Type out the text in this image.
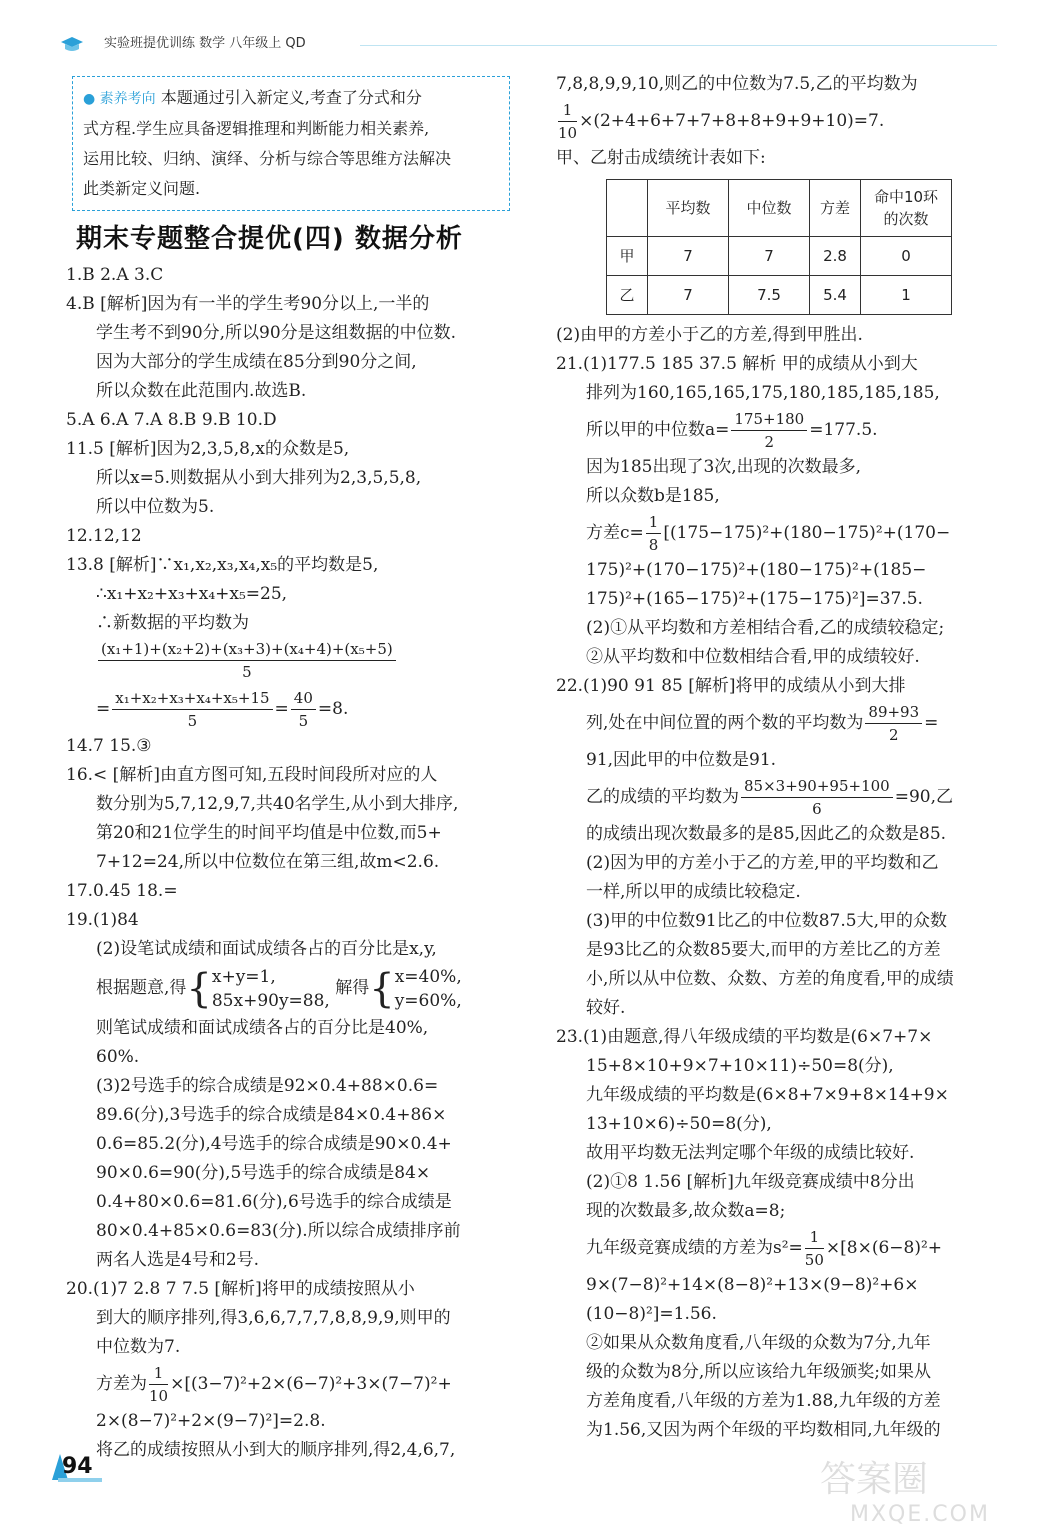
实验班提优训练 数学 八年级上 QD
● 素养考向 本题通过引入新定义,考查了分式和分
式方程.学生应具备逻辑推理和判断能力相关素养,
运用比较、归纳、演绎、分析与综合等思维方法解决
此类新定义问题.
期末专题整合提优(四) 数据分析
1.B 2.A 3.C
4.B [解析]因为有一半的学生考90分以上,一半的
学生考不到90分,所以90分是这组数据的中位数.
因为大部分的学生成绩在85分到90分之间,
所以众数在此范围内.故选B.
5.A 6.A 7.A 8.B 9.B 10.D
11.5 [解析]因为2,3,5,8,x的众数是5,
所以x=5.则数据从小到大排列为2,3,5,5,8,
所以中位数为5.
12.12,12
13.8 [解析]∵x₁,x₂,x₃,x₄,x₅的平均数是5,
∴x₁+x₂+x₃+x₄+x₅=25,
∴新数据的平均数为
$\frac{\text{(x₁+1)+(x₂+2)+(x₃+3)+(x₄+4)+(x₅+5)}}{5}$
= $\frac{\text{x₁+x₂+x₃+x₄+x₅+15}}{5} = \frac{40}{5} =8$.
14.7 15.③
16.< [解析]由直方图可知,五段时间段所对应的人
数分别为5,7,12,9,7,共40名学生,从小到大排序,
第20和21位学生的时间平均值是中位数,而5+
7+12=24,所以中位数位在第三组,故m<2.6.
17.0.45 18.=
19.(1)84
(2)设笔试成绩和面试成绩各占的百分比是x,y,
根据题意,得{ x+y=1,
85x+90y=88,
解得{ x=40%,
y=60%,
则笔试成绩和面试成绩各占的百分比是40%,
60%.
(3)2号选手的综合成绩是92×0.4+88×0.6=
89.6(分),3号选手的综合成绩是84×0.4+86×
0.6=85.2(分),4号选手的综合成绩是90×0.4+
90×0.6=90(分),5号选手的综合成绩是84×
0.4+80×0.6=81.6(分),6号选手的综合成绩是
80×0.4+85×0.6=83(分).所以综合成绩排序前
两名人选是4号和2号.
20.(1)7 2.8 7 7.5 [解析]将甲的成绩按照从小
到大的顺序排列,得3,6,6,7,7,7,8,8,9,9,则甲的
中位数为7.
方差为 $\frac{1}{10} \times[(3-7)^2+2\times(6-7)^2+3\times(7-7)^2+$
2×(8−7)²+2×(9−7)²]=2.8.
将乙的成绩按照从小到大的顺序排列,得2,4,6,7,
7,8,8,9,9,10,则乙的中位数为7.5,乙的平均数为
$\frac{1}{10} \times(2+4+6+7+7+8+8+9+9+10)=7$.
甲、乙射击成绩统计表如下:
	平均数	中位数	方差	命中10环的次数
甲	7	7	2.8	0
乙	7	7.5	5.4	1
(2)由甲的方差小于乙的方差,得到甲胜出.
21.(1)177.5 185 37.5 解析 甲的成绩从小到大
排列为160,165,165,175,180,185,185,185,
所以甲的中位数$a= \frac{175+180}{2} =177.5$.
因为185出现了3次,出现的次数最多,
所以众数b是185,
方差$c= \frac{1}{8} [(175-175)^2+(180-175)^2+(170-$
175)²+(170−175)²+(180−175)²+(185−
175)²+(165−175)²+(175−175)²]=37.5.
(2)①从平均数和方差相结合看,乙的成绩较稳定;
②从平均数和中位数相结合看,甲的成绩较好.
22.(1)90 91 85 [解析]将甲的成绩从小到大排
列,处在中间位置的两个数的平均数为 $\frac{89+93}{2}$ =
91,因此甲的中位数是91.
乙的成绩的平均数为 $\frac{85\times 3+90+95+100}{6} =90$,乙
的成绩出现次数最多的是85,因此乙的众数是85.
(2)因为甲的方差小于乙的方差,甲的平均数和乙
一样,所以甲的成绩比较稳定.
(3)甲的中位数91比乙的中位数87.5大,甲的众数
是93比乙的众数85要大,而甲的方差比乙的方差
小,所以从中位数、众数、方差的角度看,甲的成绩
较好.
23.(1)由题意,得八年级成绩的平均数是(6×7+7×
15+8×10+9×7+10×11)÷50=8(分),
九年级成绩的平均数是(6×8+7×9+8×14+9×
13+10×6)÷50=8(分),
故用平均数无法判定哪个年级的成绩比较好.
(2)①8 1.56 [解析]九年级竞赛成绩中8分出
现的次数最多,故众数a=8;
九年级竞赛成绩的方差为$s^2= \frac{1}{50} \times[8\times(6-8)^2+$
9×(7−8)²+14×(8−8)²+13×(9−8)²+6×
(10−8)²]=1.56.
②如果从众数角度看,八年级的众数为7分,九年
级的众数为8分,所以应该给九年级颁奖;如果从
方差角度看,八年级的方差为1.88,九年级的方差
为1.56,又因为两个年级的平均数相同,九年级的
94	答案圈
MXQE.COM
